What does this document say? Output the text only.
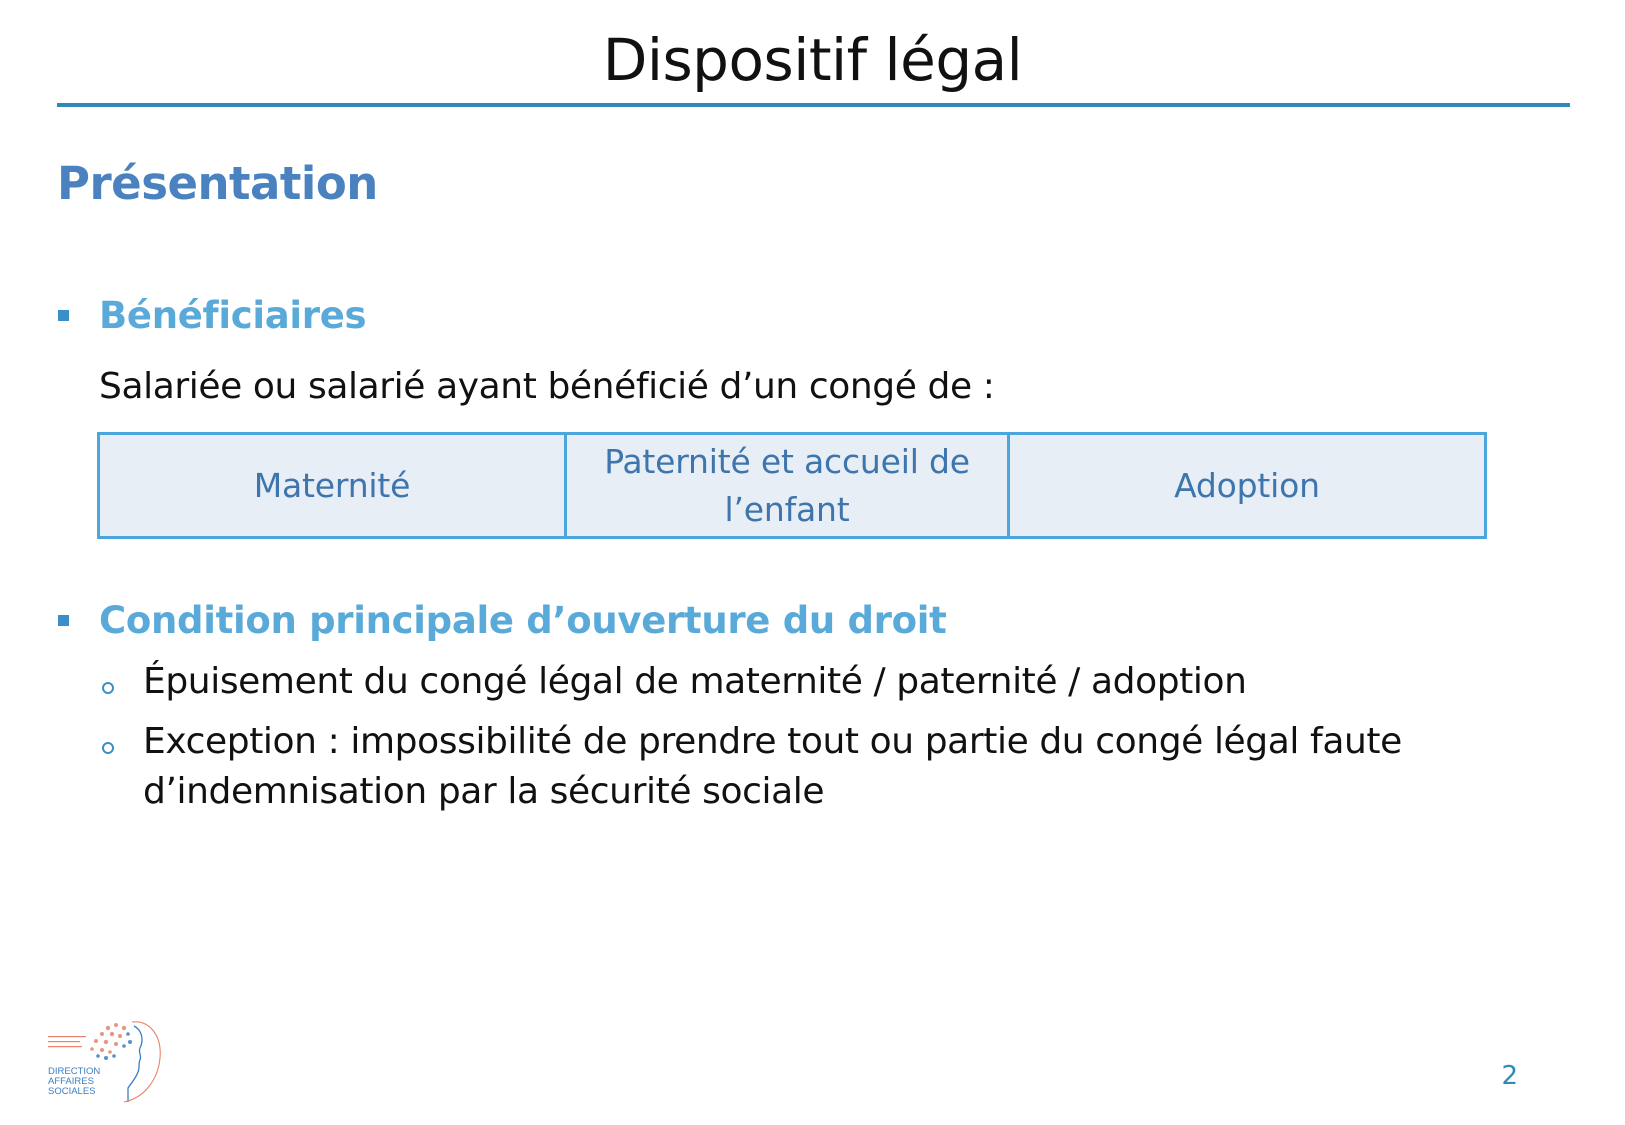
Dispositif légal
Présentation
Bénéficiaires
Salariée ou salarié ayant bénéficié d’un congé de :
Maternité
Paternité et accueil de l’enfant
Adoption
Condition principale d’ouverture du droit
Épuisement du congé légal de maternité / paternité / adoption
Exception : impossibilité de prendre tout ou partie du congé légal faute d’indemnisation par la sécurité sociale
DIRECTION
AFFAIRES
SOCIALES
2
